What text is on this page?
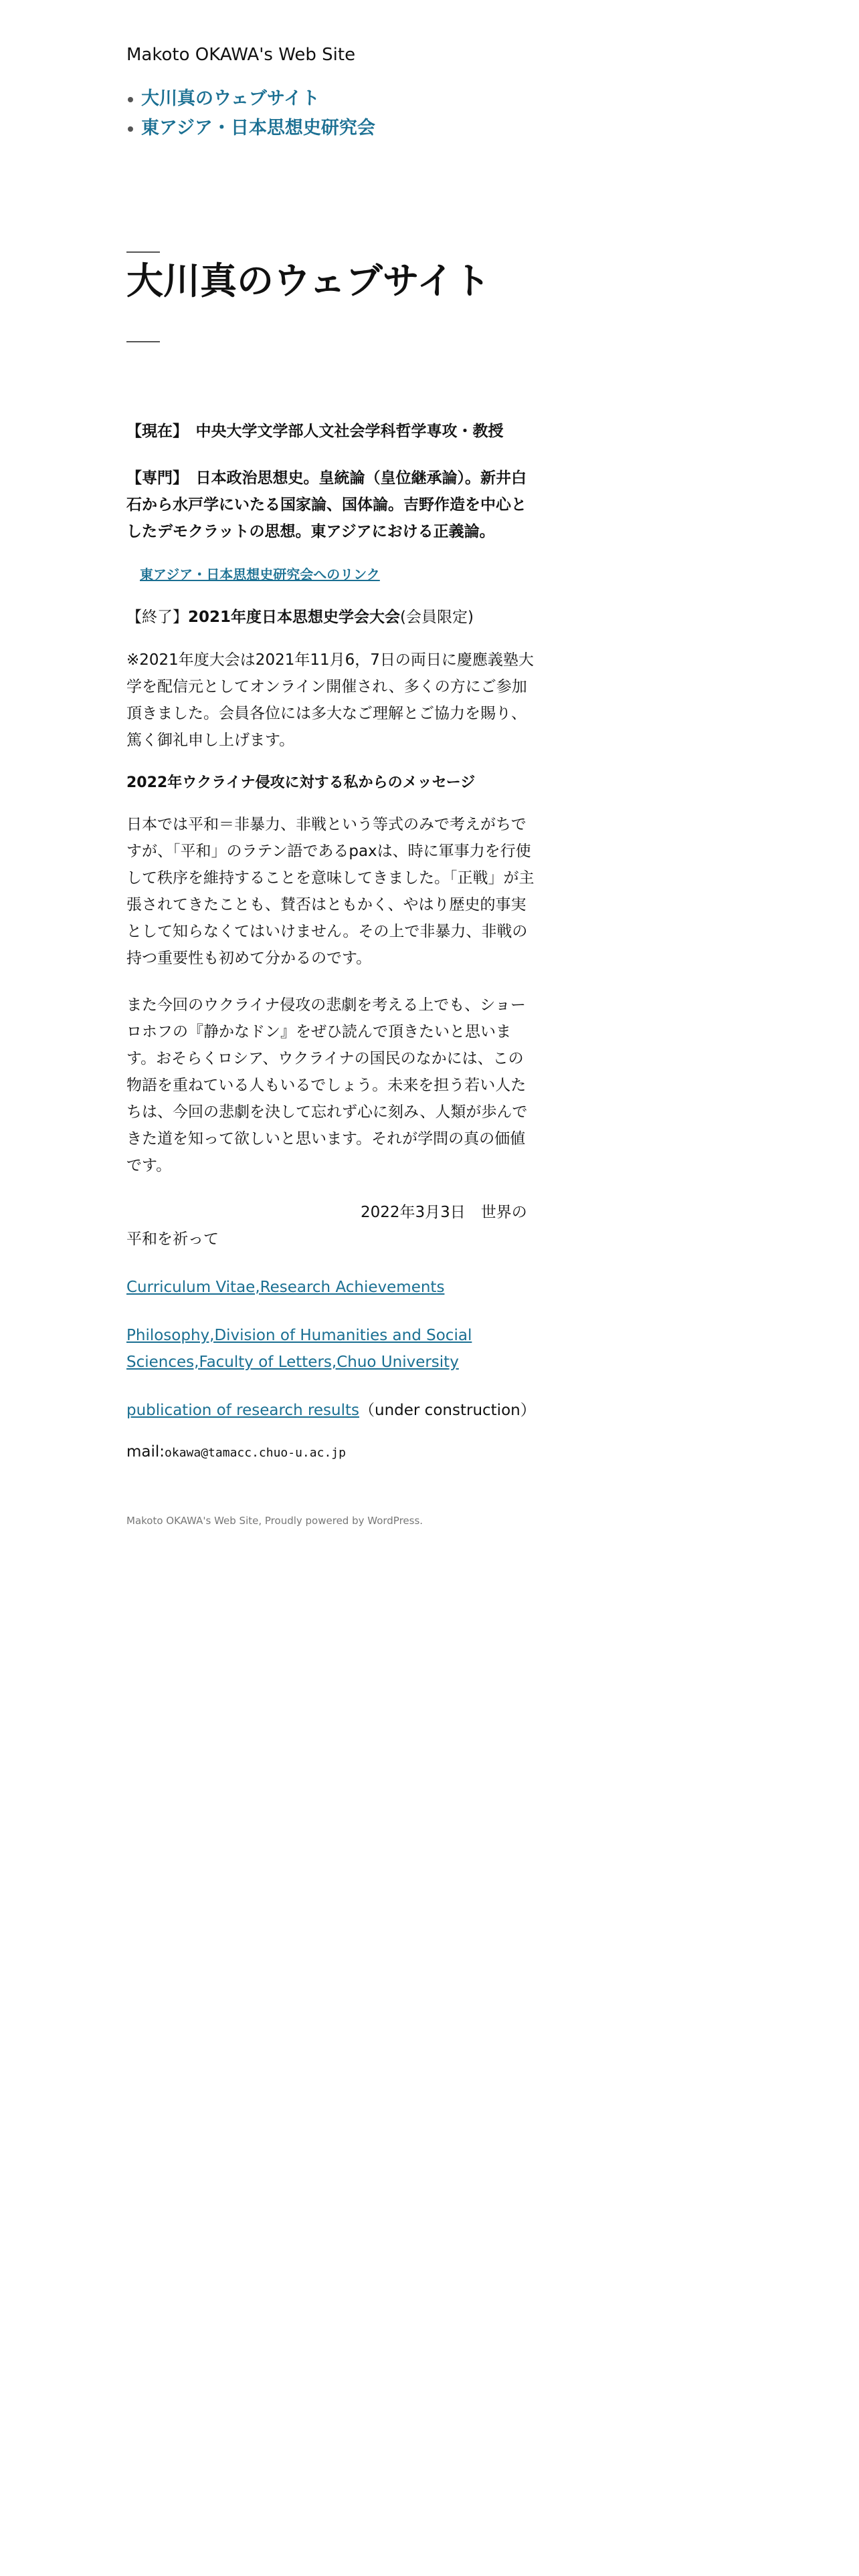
Makoto OKAWA's Web Site
大川真のウェブサイト
東アジア・日本思想史研究会
大川真のウェブサイト

【現在】　中央大学文学部人文社会学科哲学専攻・教授

【専門】　日本政治思想史。皇統論（皇位継承論）。新井白石から水戸学にいたる国家論、国体論。吉野作造を中心としたデモクラットの思想。東アジアにおける正義論。

東アジア・日本思想史研究会へのリンク

【終了】2021年度日本思想史学会大会(会員限定)

※2021年度大会は2021年11月6，7日の両日に慶應義塾大学を配信元としてオンライン開催され、多くの方にご参加頂きました。会員各位には多大なご理解とご協力を賜り、篤く御礼申し上げます。

2022年ウクライナ侵攻に対する私からのメッセージ

日本では平和＝非暴力、非戦という等式のみで考えがちですが、「平和」のラテン語であるpaxは、時に軍事力を行使して秩序を維持することを意味してきました。「正戦」が主張されてきたことも、賛否はともかく、やはり歴史的事実として知らなくてはいけません。その上で非暴力、非戦の持つ重要性も初めて分かるのです。

また今回のウクライナ侵攻の悲劇を考える上でも、ショーロホフの『静かなドン』をぜひ読んで頂きたいと思います。おそらくロシア、ウクライナの国民のなかには、この物語を重ねている人もいるでしょう。未来を担う若い人たちは、今回の悲劇を決して忘れず心に刻み、人類が歩んできた道を知って欲しいと思います。それが学問の真の価値です。

2022年3月3日　世界の平和を祈って

Curriculum Vitae,Research Achievements

Philosophy,Division of Humanities and Social Sciences,Faculty of Letters,Chuo University

publication of research results（under construction）

mail:okawa@tamacc.chuo-u.ac.jp

Makoto OKAWA's Web Site, Proudly powered by WordPress.
